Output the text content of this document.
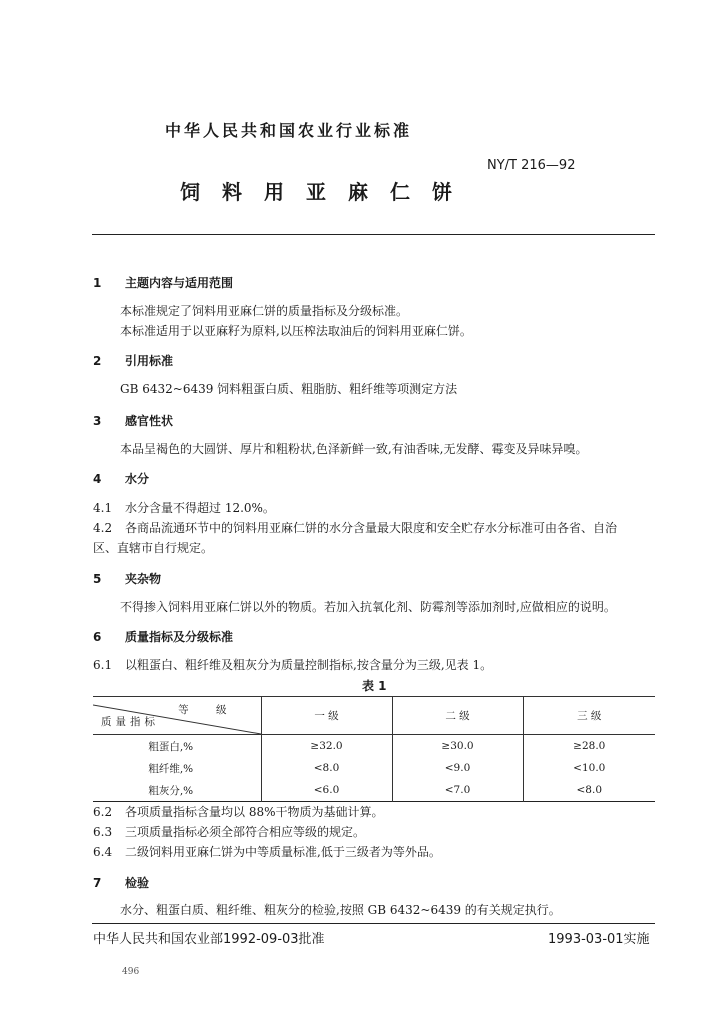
中华人民共和国农业行业标准
NY/T 216—92
饲料用亚麻仁饼
1 主题内容与适用范围
本标准规定了饲料用亚麻仁饼的质量指标及分级标准。
本标准适用于以亚麻籽为原料,以压榨法取油后的饲料用亚麻仁饼。
2 引用标准
GB 6432~6439 饲料粗蛋白质、粗脂肪、粗纤维等项测定方法
3 感官性状
本品呈褐色的大圆饼、厚片和粗粉状,色泽新鲜一致,有油香味,无发酵、霉变及异味异嗅。
4 水分
4.1 水分含量不得超过 12.0%。
4.2 各商品流通环节中的饲料用亚麻仁饼的水分含量最大限度和安全贮存水分标准可由各省、自治
区、直辖市自行规定。
5 夹杂物
不得掺入饲料用亚麻仁饼以外的物质。若加入抗氧化剂、防霉剂等添加剂时,应做相应的说明。
6 质量指标及分级标准
6.1 以粗蛋白、粗纤维及粗灰分为质量控制指标,按含量分为三级,见表 1。
表 1
等 级
质量指标	一 级	二 级	三 级
粗蛋白,%	≥32.0	≥30.0	≥28.0
粗纤维,%	<8.0	<9.0	<10.0
粗灰分,%	<6.0	<7.0	<8.0
6.2 各项质量指标含量均以 88%干物质为基础计算。
6.3 三项质量指标必须全部符合相应等级的规定。
6.4 二级饲料用亚麻仁饼为中等质量标准,低于三级者为等外品。
7 检验
水分、粗蛋白质、粗纤维、粗灰分的检验,按照 GB 6432~6439 的有关规定执行。
中华人民共和国农业部1992-09-03批准	1993-03-01实施
496
